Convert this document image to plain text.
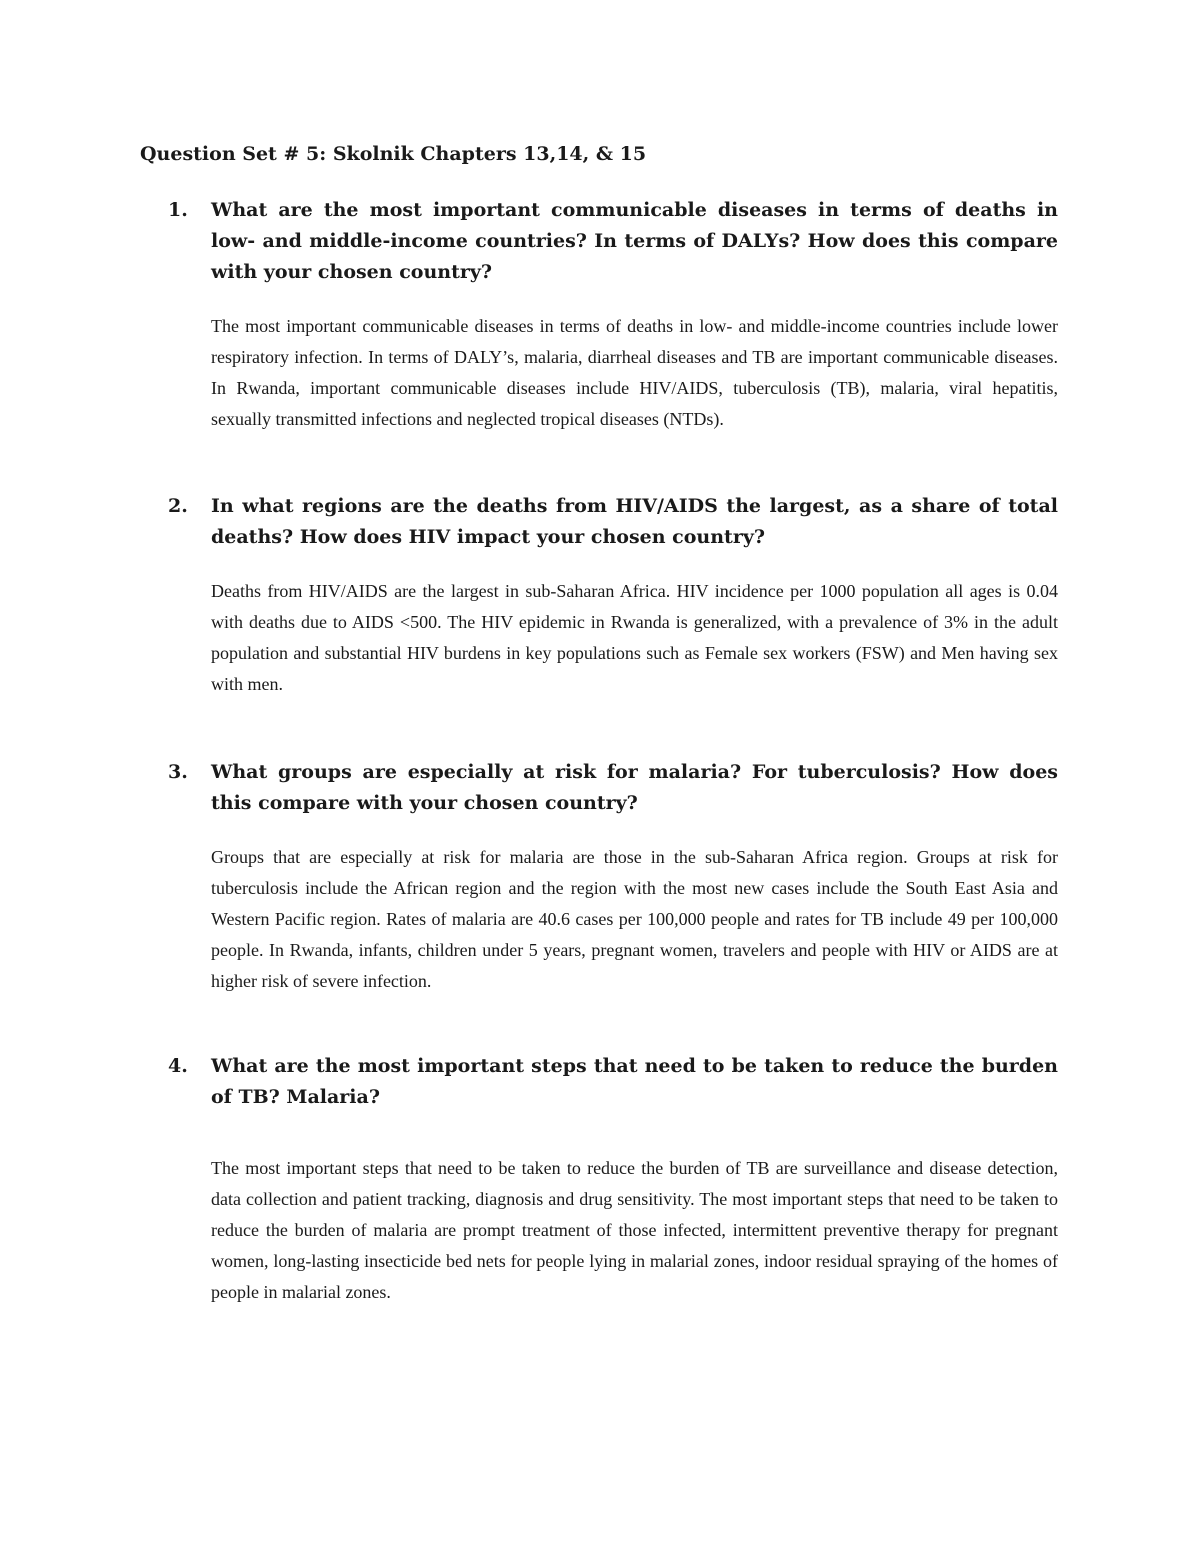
Question Set # 5: Skolnik Chapters 13,14, & 15
1. What are the most important communicable diseases in terms of deaths in low- and middle-income countries? In terms of DALYs? How does this compare with your chosen country?

The most important communicable diseases in terms of deaths in low- and middle-income countries include lower respiratory infection. In terms of DALY’s, malaria, diarrheal diseases and TB are important communicable diseases. In Rwanda, important communicable diseases include HIV/AIDS, tuberculosis (TB), malaria, viral hepatitis, sexually transmitted infections and neglected tropical diseases (NTDs).

2. In what regions are the deaths from HIV/AIDS the largest, as a share of total deaths? How does HIV impact your chosen country?

Deaths from HIV/AIDS are the largest in sub-Saharan Africa. HIV incidence per 1000 population all ages is 0.04 with deaths due to AIDS <500. The HIV epidemic in Rwanda is generalized, with a prevalence of 3% in the adult population and substantial HIV burdens in key populations such as Female sex workers (FSW) and Men having sex with men.

3. What groups are especially at risk for malaria? For tuberculosis? How does this compare with your chosen country?

Groups that are especially at risk for malaria are those in the sub-Saharan Africa region. Groups at risk for tuberculosis include the African region and the region with the most new cases include the South East Asia and Western Pacific region. Rates of malaria are 40.6 cases per 100,000 people and rates for TB include 49 per 100,000 people. In Rwanda, infants, children under 5 years, pregnant women, travelers and people with HIV or AIDS are at higher risk of severe infection.

4. What are the most important steps that need to be taken to reduce the burden of TB? Malaria?

The most important steps that need to be taken to reduce the burden of TB are surveillance and disease detection, data collection and patient tracking, diagnosis and drug sensitivity. The most important steps that need to be taken to reduce the burden of malaria are prompt treatment of those infected, intermittent preventive therapy for pregnant women, long-lasting insecticide bed nets for people lying in malarial zones, indoor residual spraying of the homes of people in malarial zones.
